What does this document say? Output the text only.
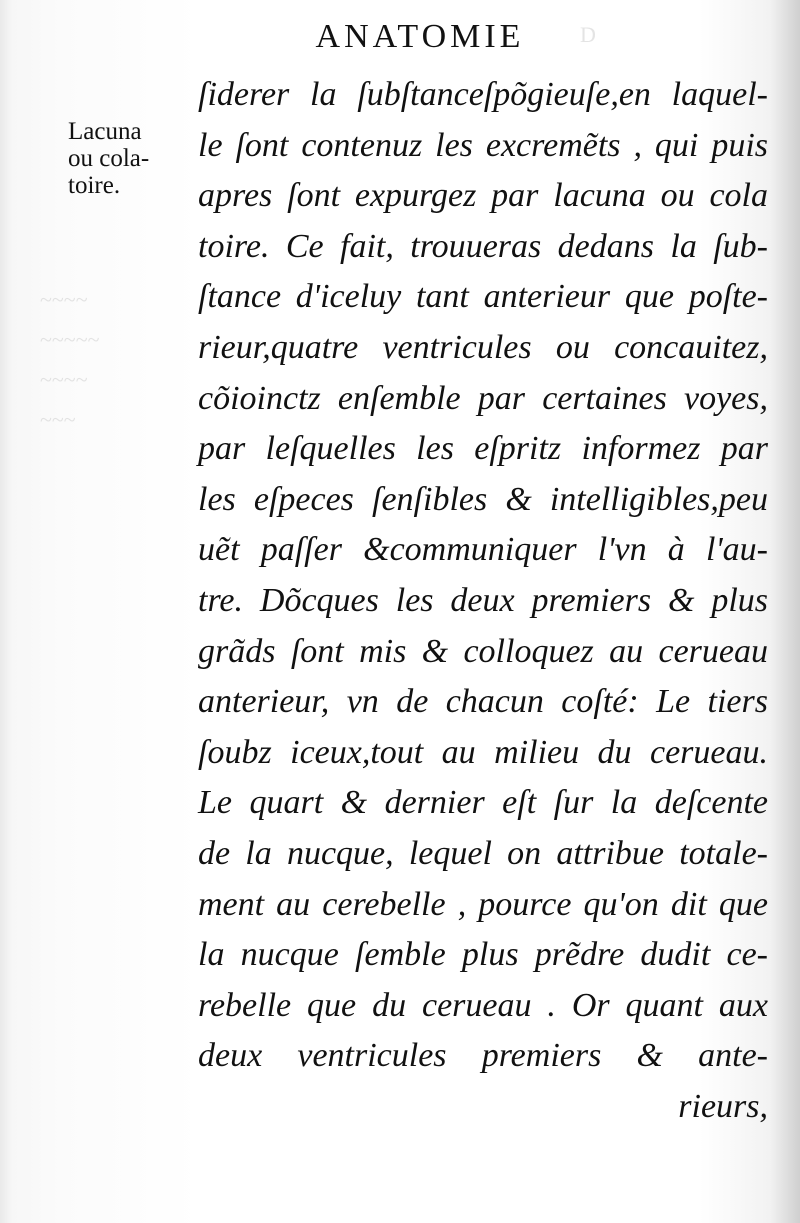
D
~~~~
~~~~~
~~~~
~~~
ANATOMIE
Lacuna
ou cola-
toire.
ſiderer la ſubſtanceſpõgieuſe,en laquel-
le ſont contenuz les excremẽts , qui puis
apres ſont expurgez par lacuna ou cola
toire. Ce fait, trouueras dedans la ſub-
ſtance d'iceluy tant anterieur que poſte-
rieur,quatre ventricules ou concauitez,
cõioinctz enſemble par certaines voyes,
par leſquelles les eſpritz informez par
les eſpeces ſenſibles & intelligibles,peu
uẽt paſſer &communiquer l'vn à l'au-
tre. Dõcques les deux premiers & plus
grãds ſont mis & colloquez au cerueau
anterieur, vn de chacun coſté: Le tiers
ſoubz iceux,tout au milieu du cerueau.
Le quart & dernier eſt ſur la deſcente
de la nucque, lequel on attribue totale-
ment au cerebelle , pource qu'on dit que
la nucque ſemble plus prẽdre dudit ce-
rebelle que du cerueau . Or quant aux
deux ventricules premiers & ante-
rieurs,
